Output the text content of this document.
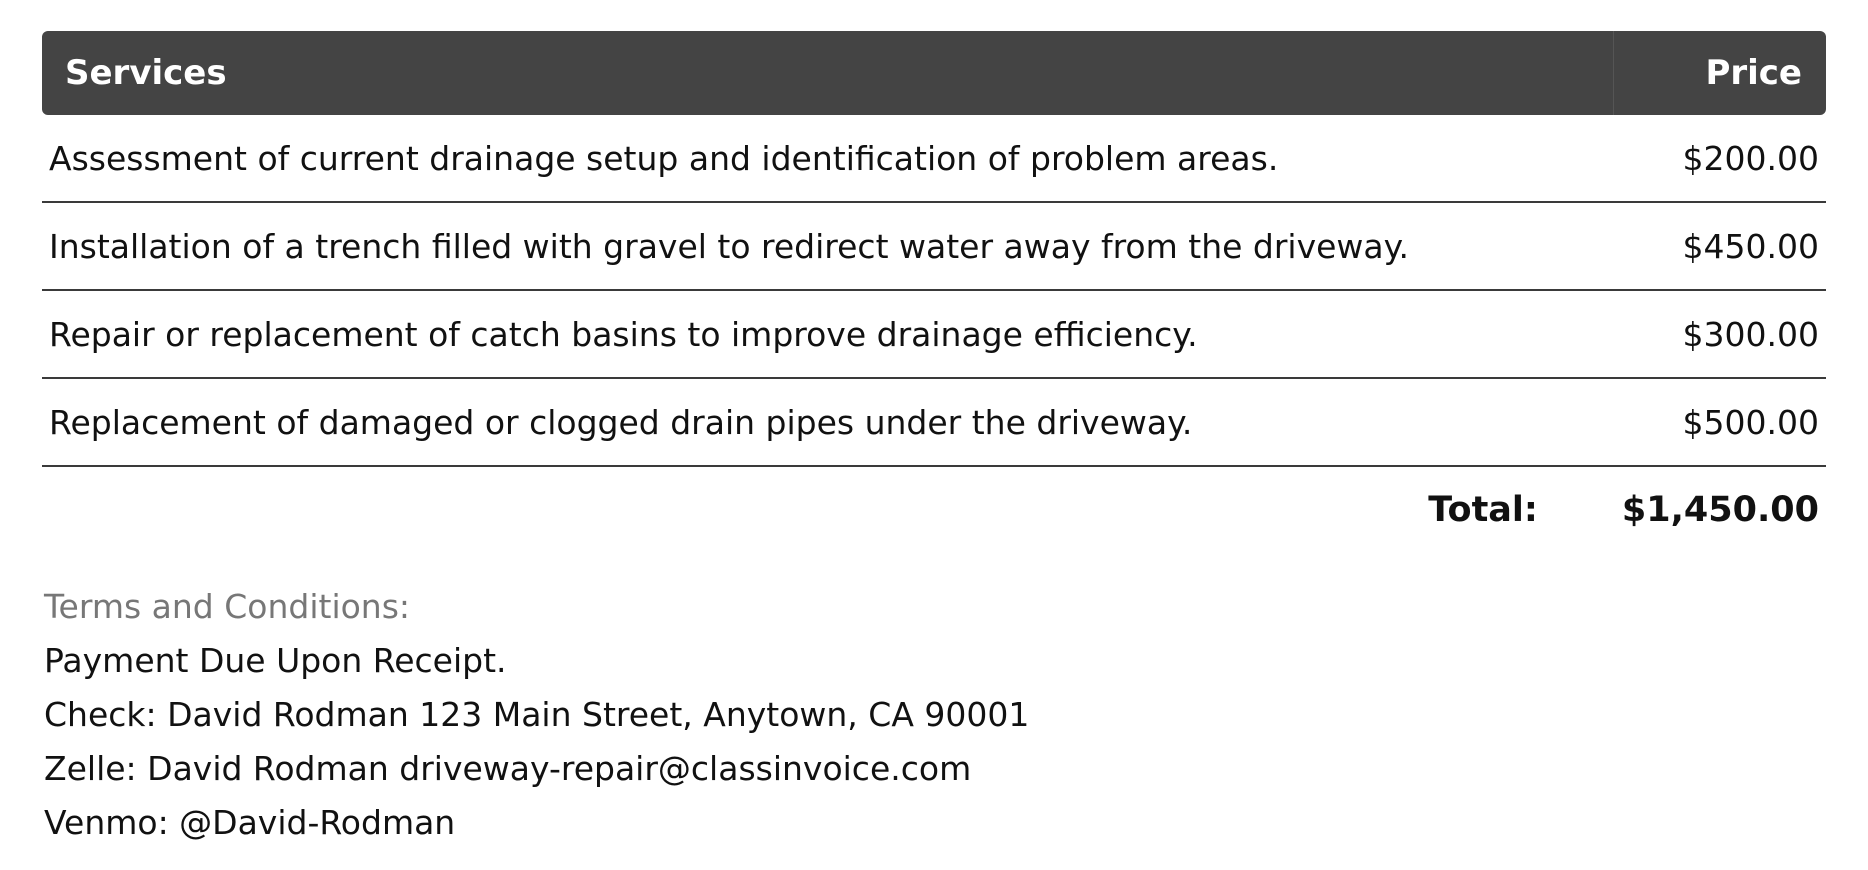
Services	Price
Assessment of current drainage setup and identification of problem areas.	$200.00
Installation of a trench filled with gravel to redirect water away from the driveway.	$450.00
Repair or replacement of catch basins to improve drainage efficiency.	$300.00
Replacement of damaged or clogged drain pipes under the driveway.	$500.00
Total: $1,450.00
Terms and Conditions:
Payment Due Upon Receipt.
Check: David Rodman 123 Main Street, Anytown, CA 90001
Zelle: David Rodman driveway-repair@classinvoice.com
Venmo: @David-Rodman
